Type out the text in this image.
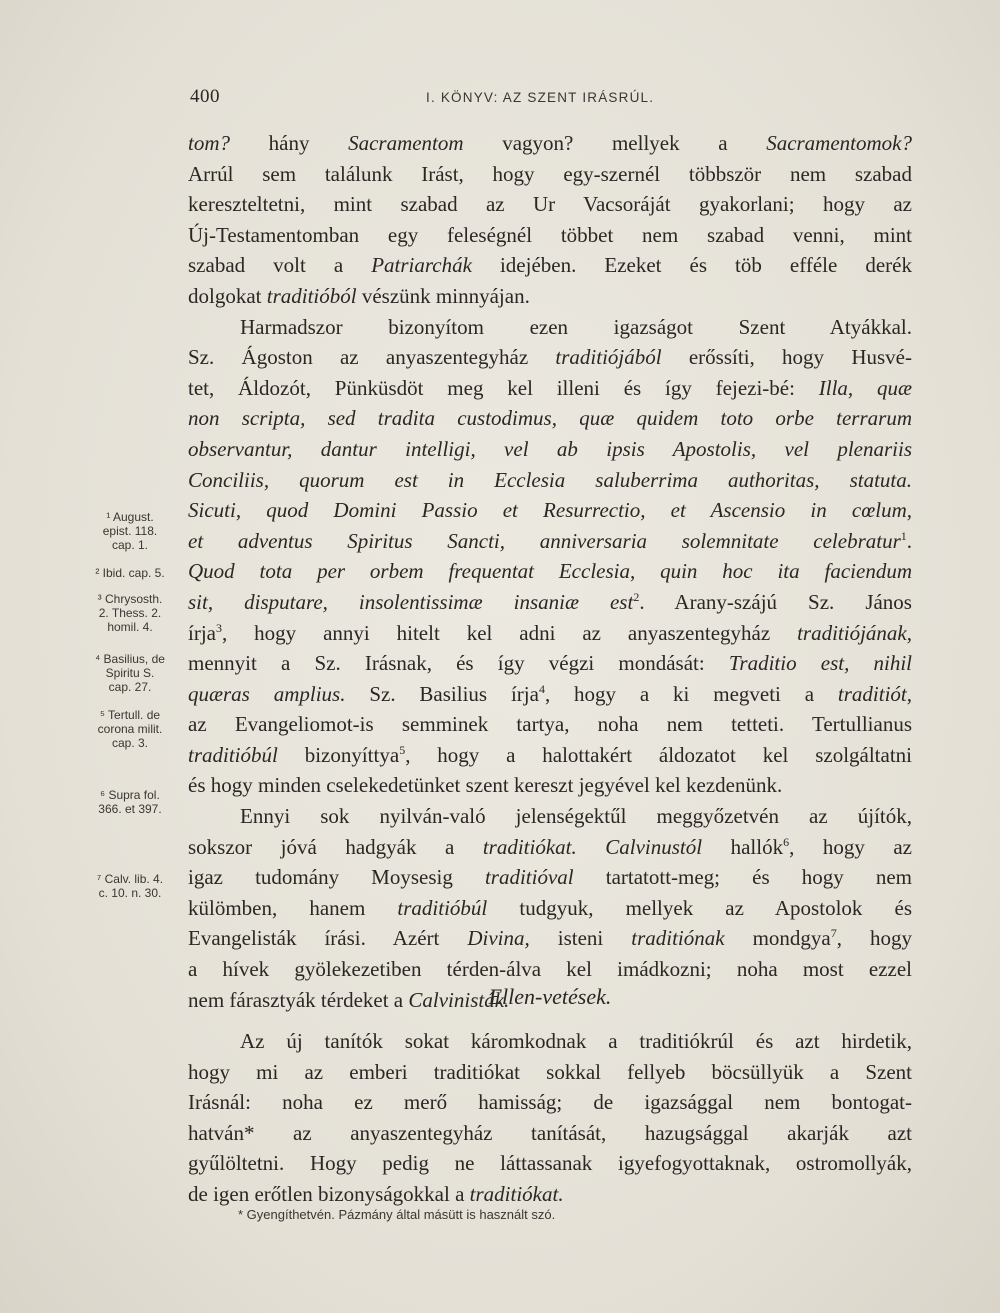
400	I. KÖNYV: AZ SZENT IRÁSRÚL.
tom? hány Sacramentom vagyon? mellyek a Sacramentomok?
Arrúl sem találunk Irást, hogy egy-szernél többször nem szabad
kereszteltetni, mint szabad az Ur Vacsoráját gyakorlani; hogy az
Új-Testamentomban egy feleségnél többet nem szabad venni, mint
szabad volt a Patriarchák idejében. Ezeket és töb efféle derék
dolgokat traditióból vészünk minnyájan.
Harmadszor bizonyítom ezen igazságot Szent Atyákkal.
Sz. Ágoston az anyaszentegyház traditiójából erőssíti, hogy Husvé-
tet, Áldozót, Pünküsdöt meg kel illeni és így fejezi-bé: Illa, quæ
non scripta, sed tradita custodimus, quæ quidem toto orbe terrarum
observantur, dantur intelligi, vel ab ipsis Apostolis, vel plenariis
Conciliis, quorum est in Ecclesia saluberrima authoritas, statuta.
Sicuti, quod Domini Passio et Resurrectio, et Ascensio in cœlum,
et adventus Spiritus Sancti, anniversaria solemnitate celebratur$^1$.
Quod tota per orbem frequentat Ecclesia, quin hoc ita faciendum
sit, disputare, insolentissimæ insaniæ est$^2$. Arany-szájú Sz. János
írja$^3$, hogy annyi hitelt kel adni az anyaszentegyház traditiójának,
mennyit a Sz. Irásnak, és így végzi mondását: Traditio est, nihil
quæras amplius. Sz. Basilius írja$^4$, hogy a ki megveti a traditiót,
az Evangeliomot-is semminek tartya, noha nem tetteti. Tertullianus
traditióbúl bizonyíttya$^5$, hogy a halottakért áldozatot kel szolgáltatni
és hogy minden cselekedetünket szent kereszt jegyével kel kezdenünk.
Ennyi sok nyilván-való jelenségektűl meggyőzetvén az újítók,
sokszor jóvá hadgyák a traditiókat. Calvinustól hallók$^6$, hogy az
igaz tudomány Moysesig traditióval tartatott-meg; és hogy nem
külömben, hanem traditióbúl tudgyuk, mellyek az Apostolok és
Evangelisták írási. Azért Divina, isteni traditiónak mondgya$^7$, hogy
a hívek gyölekezetiben térden-álva kel imádkozni; noha most ezzel
nem fárasztyák térdeket a Calvinisták.
¹ August.
epist. 118.
cap. 1.
² Ibid. cap. 5.
³ Chrysosth.
2. Thess. 2.
homil. 4.
⁴ Basilius, de
Spiritu S.
cap. 27.
⁵ Tertull. de
corona milit.
cap. 3.
⁶ Supra fol.
366. et 397.
⁷ Calv. lib. 4.
c. 10. n. 30.
Ellen-vetések.
Az új tanítók sokat káromkodnak a traditiókrúl és azt hirdetik,
hogy mi az emberi traditiókat sokkal fellyeb böcsüllyük a Szent
Irásnál: noha ez merő hamisság; de igazsággal nem bontogat-
hatván* az anyaszentegyház tanítását, hazugsággal akarják azt
gyűlöltetni. Hogy pedig ne láttassanak igyefogyottaknak, ostromollyák,
de igen erőtlen bizonyságokkal a traditiókat.
* Gyengíthetvén. Pázmány által másütt is használt szó.
